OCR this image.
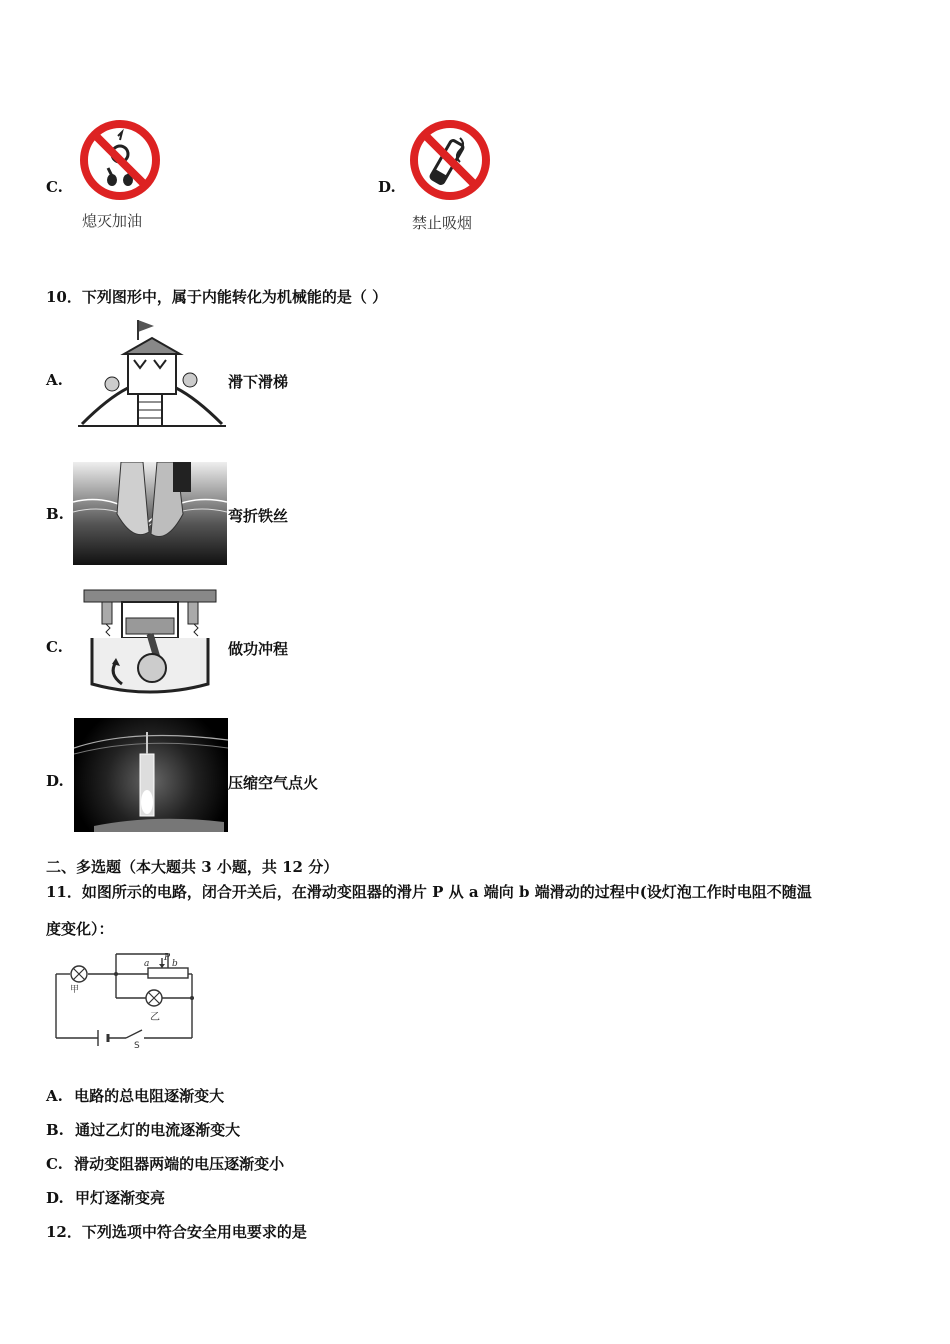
C.
熄灭加油
D.
禁止吸烟
10．下列图形中，属于内能转化为机械能的是（ ）
A.	滑下滑梯
B.	弯折铁丝
C.	做功冲程
D.	压缩空气点火
二、多选题（本大题共 3 小题，共 12 分）
11．如图所示的电路，闭合开关后，在滑动变阻器的滑片 P 从 a 端向 b 端滑动的过程中(设灯泡工作时电阻不随温
度变化）：
甲
乙
a
P
b
S
A. 电路的总电阻逐渐变大
B. 通过乙灯的电流逐渐变大
C. 滑动变阻器两端的电压逐渐变小
D. 甲灯逐渐变亮
12．下列选项中符合安全用电要求的是
